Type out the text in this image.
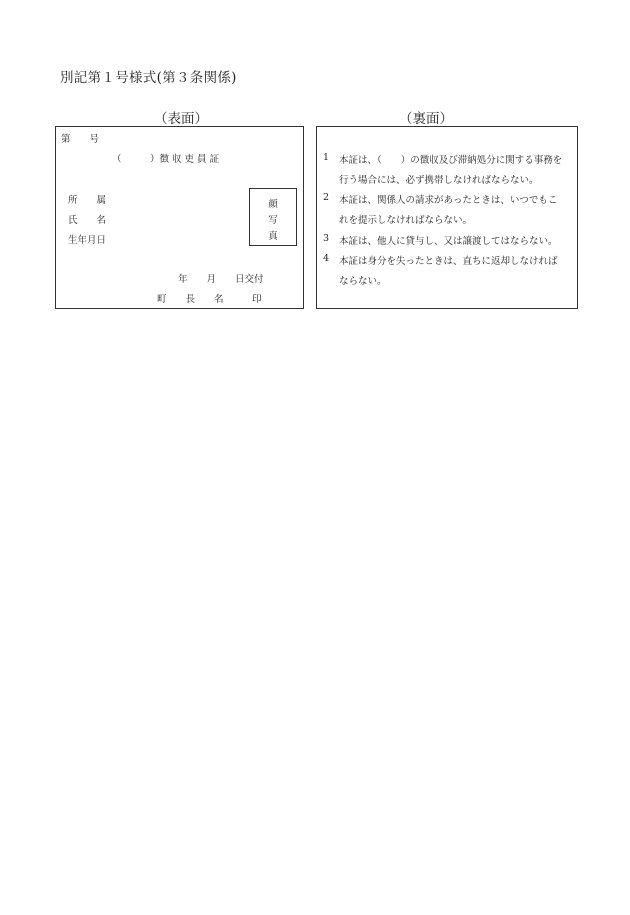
別記第１号様式(第３条関係)
（表面）	（裏面）
第　　号
（　　　）徴 収 吏 員 証
所　　属
氏　　名
生年月日
顔
写
真
年　　月　　日交付
町　　長　　名　　　印
1 本証は、（　　）の徴収及び滞納処分に関する事務を
行う場合には、必ず携帯しなければならない。
2 本証は、関係人の請求があったときは、いつでもこ
れを提示しなければならない。
3 本証は、他人に貸与し、又は譲渡してはならない。
4 本証は身分を失ったときは、直ちに返却しなければ
ならない。
